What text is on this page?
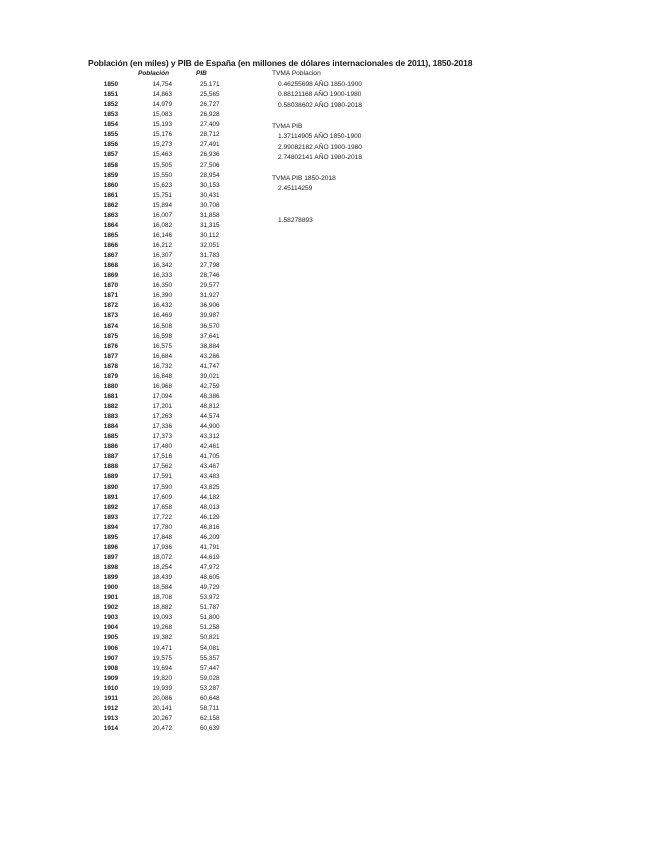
Población (en miles) y PIB de España (en millones de dólares internacionales de 2011), 1850-2018
Población	PIB
1850	14,754	25,171
1851	14,863	25,565
1852	14,979	26,727
1853	15,083	26,928
1854	15,193	27,409
1855	15,176	28,712
1856	15,273	27,491
1857	15,463	26,936
1858	15,505	27,506
1859	15,550	28,954
1860	15,623	30,153
1861	15,751	30,431
1862	15,894	30,708
1863	16,007	31,858
1864	16,082	31,315
1865	16,146	30,112
1866	16,212	32,051
1867	16,307	31,783
1868	16,342	27,798
1869	16,333	28,746
1870	16,350	29,577
1871	16,390	31,927
1872	16,432	36,906
1873	16,469	39,987
1874	16,508	36,570
1875	16,598	37,641
1876	16,575	38,884
1877	16,684	43,266
1878	16,732	41,747
1879	16,848	39,021
1880	16,968	42,759
1881	17,094	48,386
1882	17,201	48,812
1883	17,263	44,574
1884	17,336	44,900
1885	17,373	43,312
1886	17,480	42,461
1887	17,516	41,705
1888	17,562	43,467
1889	17,591	43,483
1890	17,590	43,825
1891	17,609	44,182
1892	17,658	48,013
1893	17,722	46,129
1894	17,780	46,816
1895	17,848	46,209
1896	17,936	41,791
1897	18,072	44,619
1898	18,254	47,972
1899	18,439	48,605
1900	18,584	49,729
1901	18,708	53,972
1902	18,882	51,787
1903	19,093	51,800
1904	19,268	51,258
1905	19,382	50,821
1906	19,471	54,081
1907	19,575	55,357
1908	19,694	57,447
1909	19,820	59,028
1910	19,939	53,287
1911	20,086	60,648
1912	20,141	58,711
1913	20,267	62,158
1914	20,472	60,639
TVMA Poblacion
0.46255698 AÑO 1850-1900
0.88121168 AÑO 1900-1980
0.58038602 AÑO 1980-2018
TVMA PIB
1.37114905 AÑO 1850-1900
2.99082182 AÑO 1900-1980
2.74802141 AÑO 1980-2018
TVMA PIB 1850-2018
2.45114259
1.58278893
